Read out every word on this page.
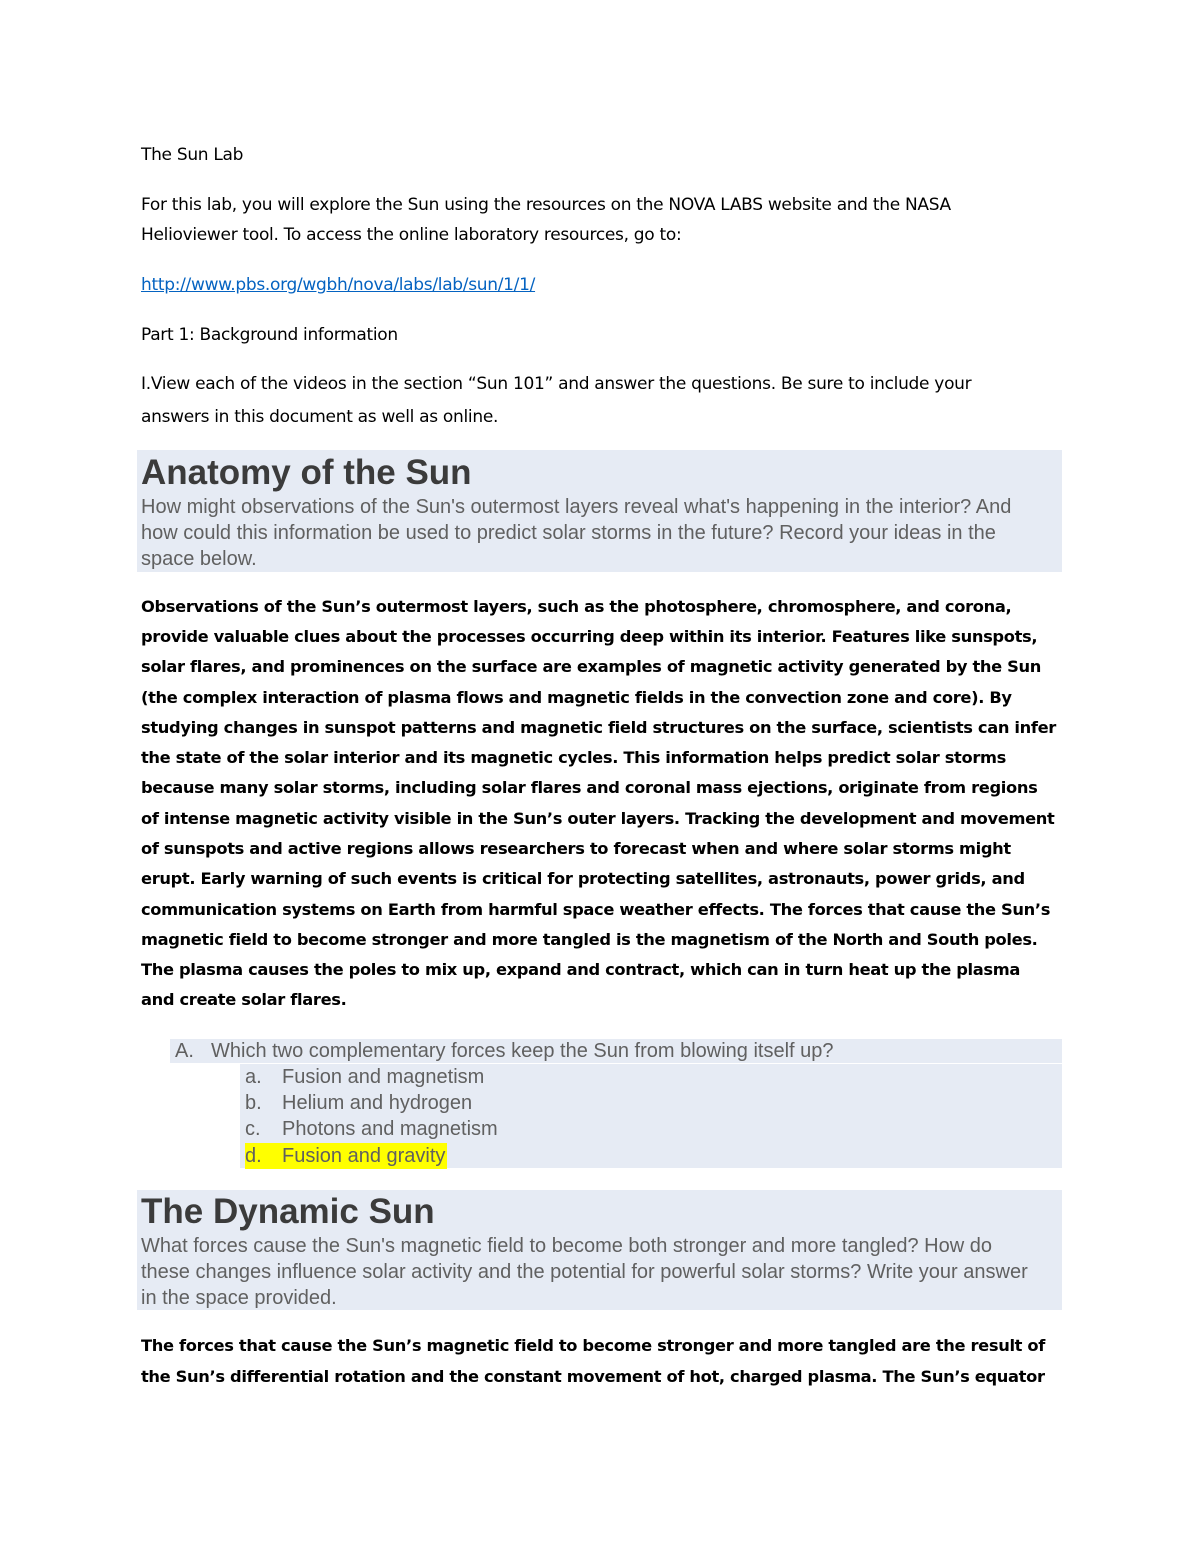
The Sun Lab

For this lab, you will explore the Sun using the resources on the NOVA LABS website and the NASA

Helioviewer tool. To access the online laboratory resources, go to:

http://www.pbs.org/wgbh/nova/labs/lab/sun/1/1/

Part 1: Background information

I.View each of the videos in the section “Sun 101” and answer the questions. Be sure to include your

answers in this document as well as online.

Anatomy of the Sun

How might observations of the Sun's outermost layers reveal what's happening in the interior? And

how could this information be used to predict solar storms in the future? Record your ideas in the

space below.

Observations of the Sun’s outermost layers, such as the photosphere, chromosphere, and corona,

provide valuable clues about the processes occurring deep within its interior. Features like sunspots,

solar flares, and prominences on the surface are examples of magnetic activity generated by the Sun

(the complex interaction of plasma flows and magnetic fields in the convection zone and core). By

studying changes in sunspot patterns and magnetic field structures on the surface, scientists can infer

the state of the solar interior and its magnetic cycles. This information helps predict solar storms

because many solar storms, including solar flares and coronal mass ejections, originate from regions

of intense magnetic activity visible in the Sun’s outer layers. Tracking the development and movement

of sunspots and active regions allows researchers to forecast when and where solar storms might

erupt. Early warning of such events is critical for protecting satellites, astronauts, power grids, and

communication systems on Earth from harmful space weather effects. The forces that cause the Sun’s

magnetic field to become stronger and more tangled is the magnetism of the North and South poles.

The plasma causes the poles to mix up, expand and contract, which can in turn heat up the plasma

and create solar flares.

A. Which two complementary forces keep the Sun from blowing itself up?

a. Fusion and magnetism

b. Helium and hydrogen

c. Photons and magnetism

d. Fusion and gravity

The Dynamic Sun

What forces cause the Sun's magnetic field to become both stronger and more tangled? How do

these changes influence solar activity and the potential for powerful solar storms? Write your answer

in the space provided.

The forces that cause the Sun’s magnetic field to become stronger and more tangled are the result of

the Sun’s differential rotation and the constant movement of hot, charged plasma. The Sun’s equator
